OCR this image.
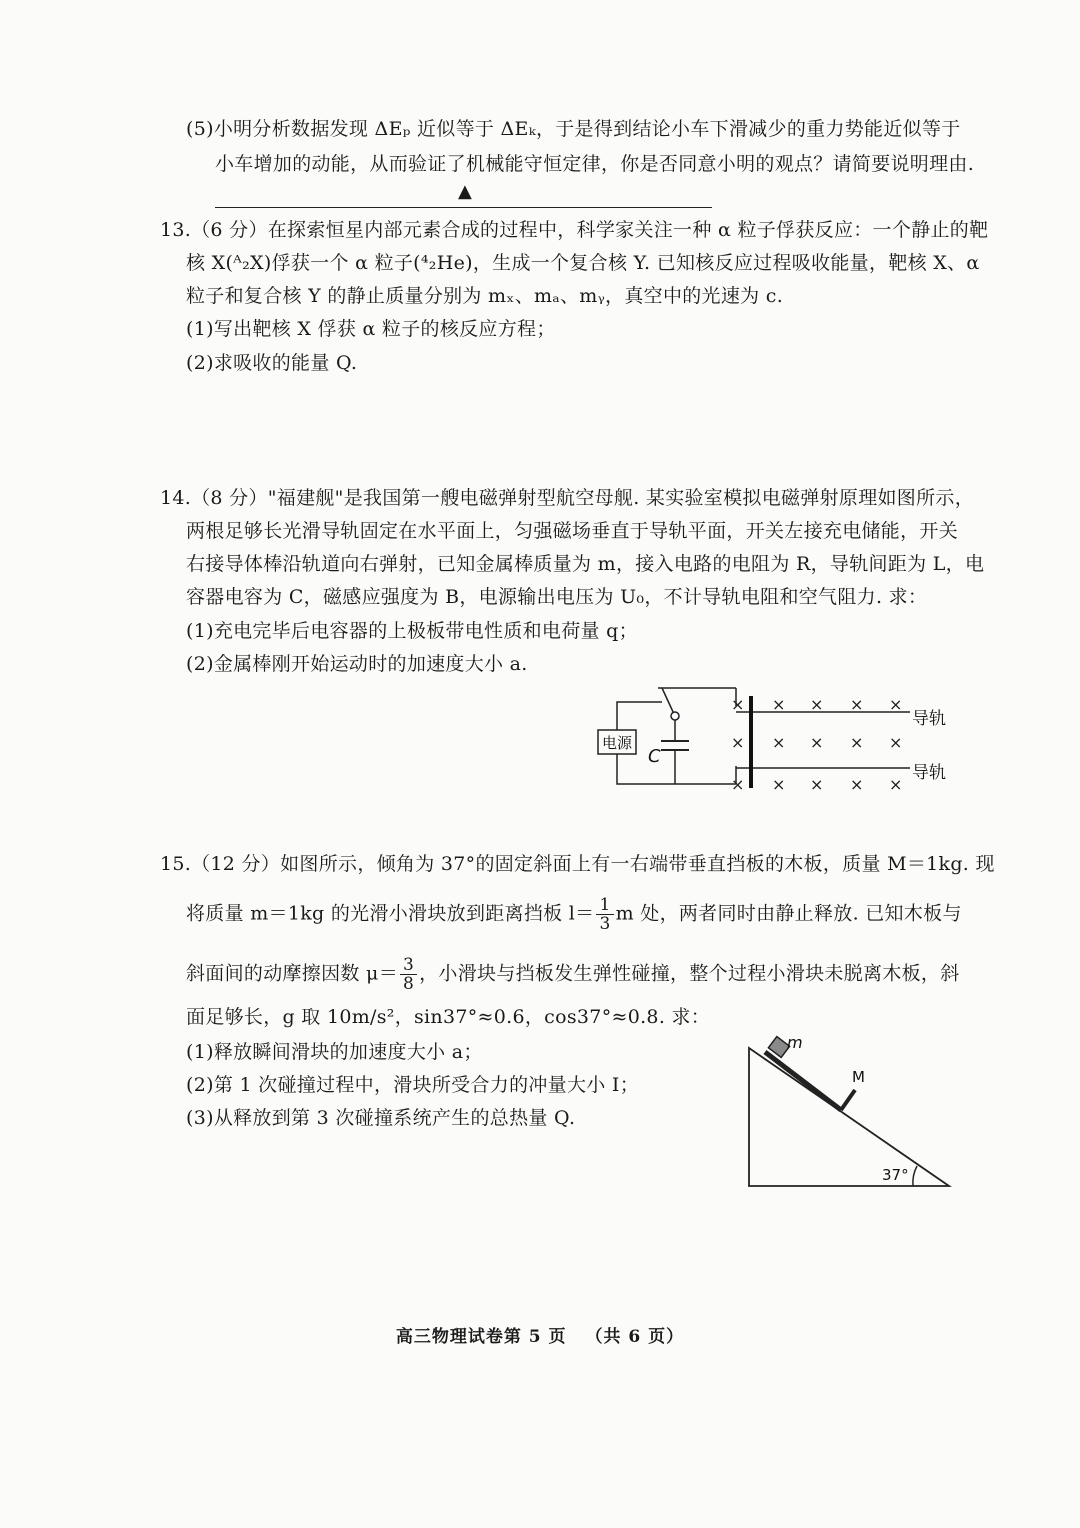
(5)小明分析数据发现 ΔEₚ 近似等于 ΔEₖ，于是得到结论小车下滑减少的重力势能近似等于
小车增加的动能，从而验证了机械能守恒定律，你是否同意小明的观点？请简要说明理由.
▲
13.（6 分）在探索恒星内部元素合成的过程中，科学家关注一种 α 粒子俘获反应：一个静止的靶
核 X(ᴬ₂X)俘获一个 α 粒子(⁴₂He)，生成一个复合核 Y. 已知核反应过程吸收能量，靶核 X、α
粒子和复合核 Y 的静止质量分别为 mₓ、mₐ、mᵧ，真空中的光速为 c.
(1)写出靶核 X 俘获 α 粒子的核反应方程；
(2)求吸收的能量 Q.
14.（8 分）"福建舰"是我国第一艘电磁弹射型航空母舰. 某实验室模拟电磁弹射原理如图所示，
两根足够长光滑导轨固定在水平面上，匀强磁场垂直于导轨平面，开关左接充电储能，开关
右接导体棒沿轨道向右弹射，已知金属棒质量为 m，接入电路的电阻为 R，导轨间距为 L，电
容器电容为 C，磁感应强度为 B，电源输出电压为 U₀，不计导轨电阻和空气阻力. 求：
(1)充电完毕后电容器的上极板带电性质和电荷量 q；
(2)金属棒刚开始运动时的加速度大小 a.
电源
C
导轨
导轨
×
×
×
× × × ×
× × × ×
× × × ×
15.（12 分）如图所示，倾角为 37°的固定斜面上有一右端带垂直挡板的木板，质量 M＝1kg. 现
将质量 m＝1kg 的光滑小滑块放到距离挡板 $l= \frac{1}{3}$ m 处，两者同时由静止释放. 已知木板与
斜面间的动摩擦因数 $\mu= \frac{3}{8}$ ，小滑块与挡板发生弹性碰撞，整个过程小滑块未脱离木板，斜
面足够长，g 取 10m/s²，sin37°≈0.6，cos37°≈0.8. 求：
(1)释放瞬间滑块的加速度大小 a；
(2)第 1 次碰撞过程中，滑块所受合力的冲量大小 I；
(3)从释放到第 3 次碰撞系统产生的总热量 Q.
m
M
37°
高三物理试卷第 5 页 （共 6 页）
